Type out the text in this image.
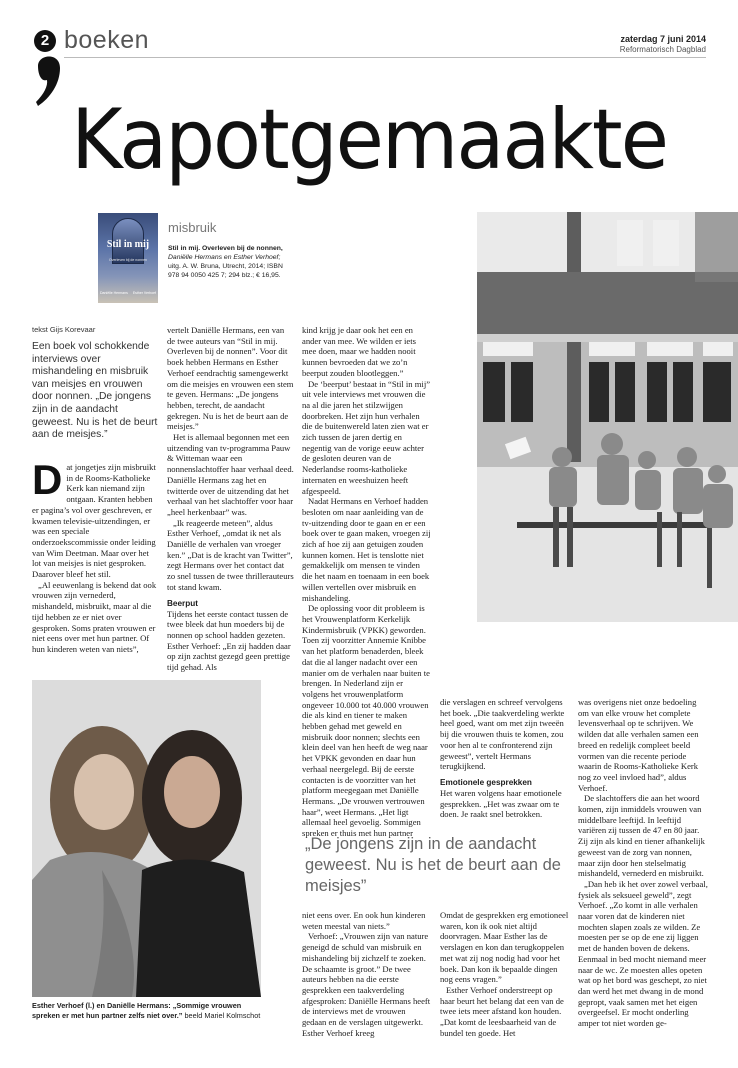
2 boeken	zaterdag 7 juni 2014
Reformatorisch Dagblad
Kapotgemaakte
Stil in mij
Overleven bij de nonnen
Daniëlle Hermans Esther Verhoef
misbruik
Stil in mij. Overleven bij de nonnen,
Daniëlle Hermans en Esther Verhoef;
uitg. A. W. Bruna, Utrecht, 2014; ISBN 978 94 0050 425 7; 294 blz.; € 16,95.
Esther Verhoef (l.) en Daniëlle Hermans: „Sommige vrouwen spreken er met hun partner zelfs niet over.” beeld Mariel Kolmschot
tekst Gijs Korevaar
Een boek vol schokkende interviews over mishandeling en misbruik van meisjes en vrouwen door nonnen. „De jongens zijn in de aandacht geweest. Nu is het de beurt aan de meisjes.”

Dat jongetjes zijn misbruikt in de Rooms-Katholieke Kerk kan niemand zijn ontgaan. Kranten hebben er pagina’s vol over geschreven, er kwamen televisie-uitzendingen, er was een speciale onderzoekscommissie onder leiding van Wim Deetman. Maar over het lot van meisjes is niet gesproken. Daarover bleef het stil.

„Al eeuwenlang is bekend dat ook vrouwen zijn vernederd, mishandeld, misbruikt, maar al die tijd hebben ze er niet over gesproken. Soms praten vrouwen er niet eens over met hun partner. Of hun kinderen weten van niets”,

vertelt Daniëlle Hermans, een van de twee auteurs van “Stil in mij. Overleven bij de nonnen”. Voor dit boek hebben Hermans en Esther Verhoef eendrachtig samengewerkt om die meisjes en vrouwen een stem te geven. Hermans: „De jongens hebben, terecht, de aandacht gekregen. Nu is het de beurt aan de meisjes.”

Het is allemaal begonnen met een uitzending van tv-programma Pauw & Witteman waar een nonnenslachtoffer haar verhaal deed. Daniëlle Hermans zag het en twitterde over de uitzending dat het verhaal van het slachtoffer voor haar „heel herkenbaar” was.

„Ik reageerde meteen”, aldus Esther Verhoef, „omdat ik net als Daniëlle de verhalen van vroeger ken.” „Dat is de kracht van Twitter”, zegt Hermans over het contact dat zo snel tussen de twee thrillerauteurs tot stand kwam.

Beerput

Tijdens het eerste contact tussen de twee bleek dat hun moeders bij de nonnen op school hadden gezeten. Esther Verhoef: „En zij hadden daar op zijn zachtst gezegd geen prettige tijd gehad. Als

kind krijg je daar ook het een en ander van mee. We wilden er iets mee doen, maar we hadden nooit kunnen bevroeden dat we zo’n beerput zouden blootleggen.”

De ‘beerput’ bestaat in “Stil in mij” uit vele interviews met vrouwen die na al die jaren het stilzwijgen doorbreken. Het zijn hun verhalen die de buitenwereld laten zien wat er zich tussen de jaren dertig en negentig van de vorige eeuw achter de gesloten deuren van de Nederlandse rooms-katholieke internaten en weeshuizen heeft afgespeeld.

Nadat Hermans en Verhoef hadden besloten om naar aanleiding van de tv-uitzending door te gaan en er een boek over te gaan maken, vroegen zij zich af hoe zij aan getuigen zouden kunnen komen. Het is tenslotte niet gemakkelijk om mensen te vinden die het naam en toenaam in een boek willen vertellen over misbruik en mishandeling.

De oplossing voor dit probleem is het Vrouwenplatform Kerkelijk Kindermisbruik (VPKK) geworden. Toen zij voorzitter Annemie Knibbe van het platform benaderden, bleek dat die al langer nadacht over een manier om de verhalen naar buiten te brengen. In Nederland zijn er volgens het vrouwenplatform ongeveer 10.000 tot 40.000 vrouwen die als kind en tiener te maken hebben gehad met geweld en misbruik door nonnen; slechts een klein deel van hen heeft de weg naar het VPKK gevonden en daar hun verhaal neergelegd. Bij de eerste contacten is de voorzitter van het platform meegegaan met Daniëlle Hermans. „De vrouwen vertrouwen haar”, weet Hermans. „Het ligt allemaal heel gevoelig. Sommigen spreken er thuis met hun partner

niet eens over. En ook hun kinderen weten meestal van niets.”

Verhoef: „Vrouwen zijn van nature geneigd de schuld van misbruik en mishandeling bij zichzelf te zoeken. De schaamte is groot.” De twee auteurs hebben na die eerste gesprekken een taakverdeling afgesproken: Daniëlle Hermans heeft de interviews met de vrouwen gedaan en de verslagen uitgewerkt. Esther Verhoef kreeg

die verslagen en schreef vervolgens het boek. „Die taakverdeling werkte heel goed, want om met zijn tweeën bij die vrouwen thuis te komen, zou voor hen al te confronterend zijn geweest”, vertelt Hermans terugkijkend.

Emotionele gesprekken

Het waren volgens haar emotionele gesprekken. „Het was zwaar om te doen. Je raakt snel betrokken.

Omdat de gesprekken erg emotioneel waren, kon ik ook niet altijd doorvragen. Maar Esther las de verslagen en kon dan terugkoppelen met wat zij nog nodig had voor het boek. Dan kon ik bepaalde dingen nog eens vragen.”

Esther Verhoef onderstreept op haar beurt het belang dat een van de twee iets meer afstand kon houden. „Dat komt de leesbaarheid van de bundel ten goede. Het

was overigens niet onze bedoeling om van elke vrouw het complete levensverhaal op te schrijven. We wilden dat alle verhalen samen een breed en redelijk compleet beeld vormen van die recente periode waarin de Rooms-Katholieke Kerk nog zo veel invloed had”, aldus Verhoef.

De slachtoffers die aan het woord komen, zijn inmiddels vrouwen van middelbare leeftijd. In leeftijd variëren zij tussen de 47 en 80 jaar. Zij zijn als kind en tiener afhankelijk geweest van de zorg van nonnen, maar zijn door hen stelselmatig mishandeld, vernederd en misbruikt.

„Dan heb ik het over zowel verbaal, fysiek als seksueel geweld”, zegt Verhoef. „Zo komt in alle verhalen naar voren dat de kinderen niet mochten slapen zoals ze wilden. Ze moesten per se op de ene zij liggen met de handen boven de dekens. Eenmaal in bed mocht niemand meer naar de wc. Ze moesten alles opeten wat op het bord was geschept, zo niet dan werd het met dwang in de mond gepropt, vaak samen met het eigen overgeefsel. Er mocht onderling amper tot niet worden ge-

„De jongens zijn in de aandacht geweest. Nu is het de beurt aan de meisjes”
